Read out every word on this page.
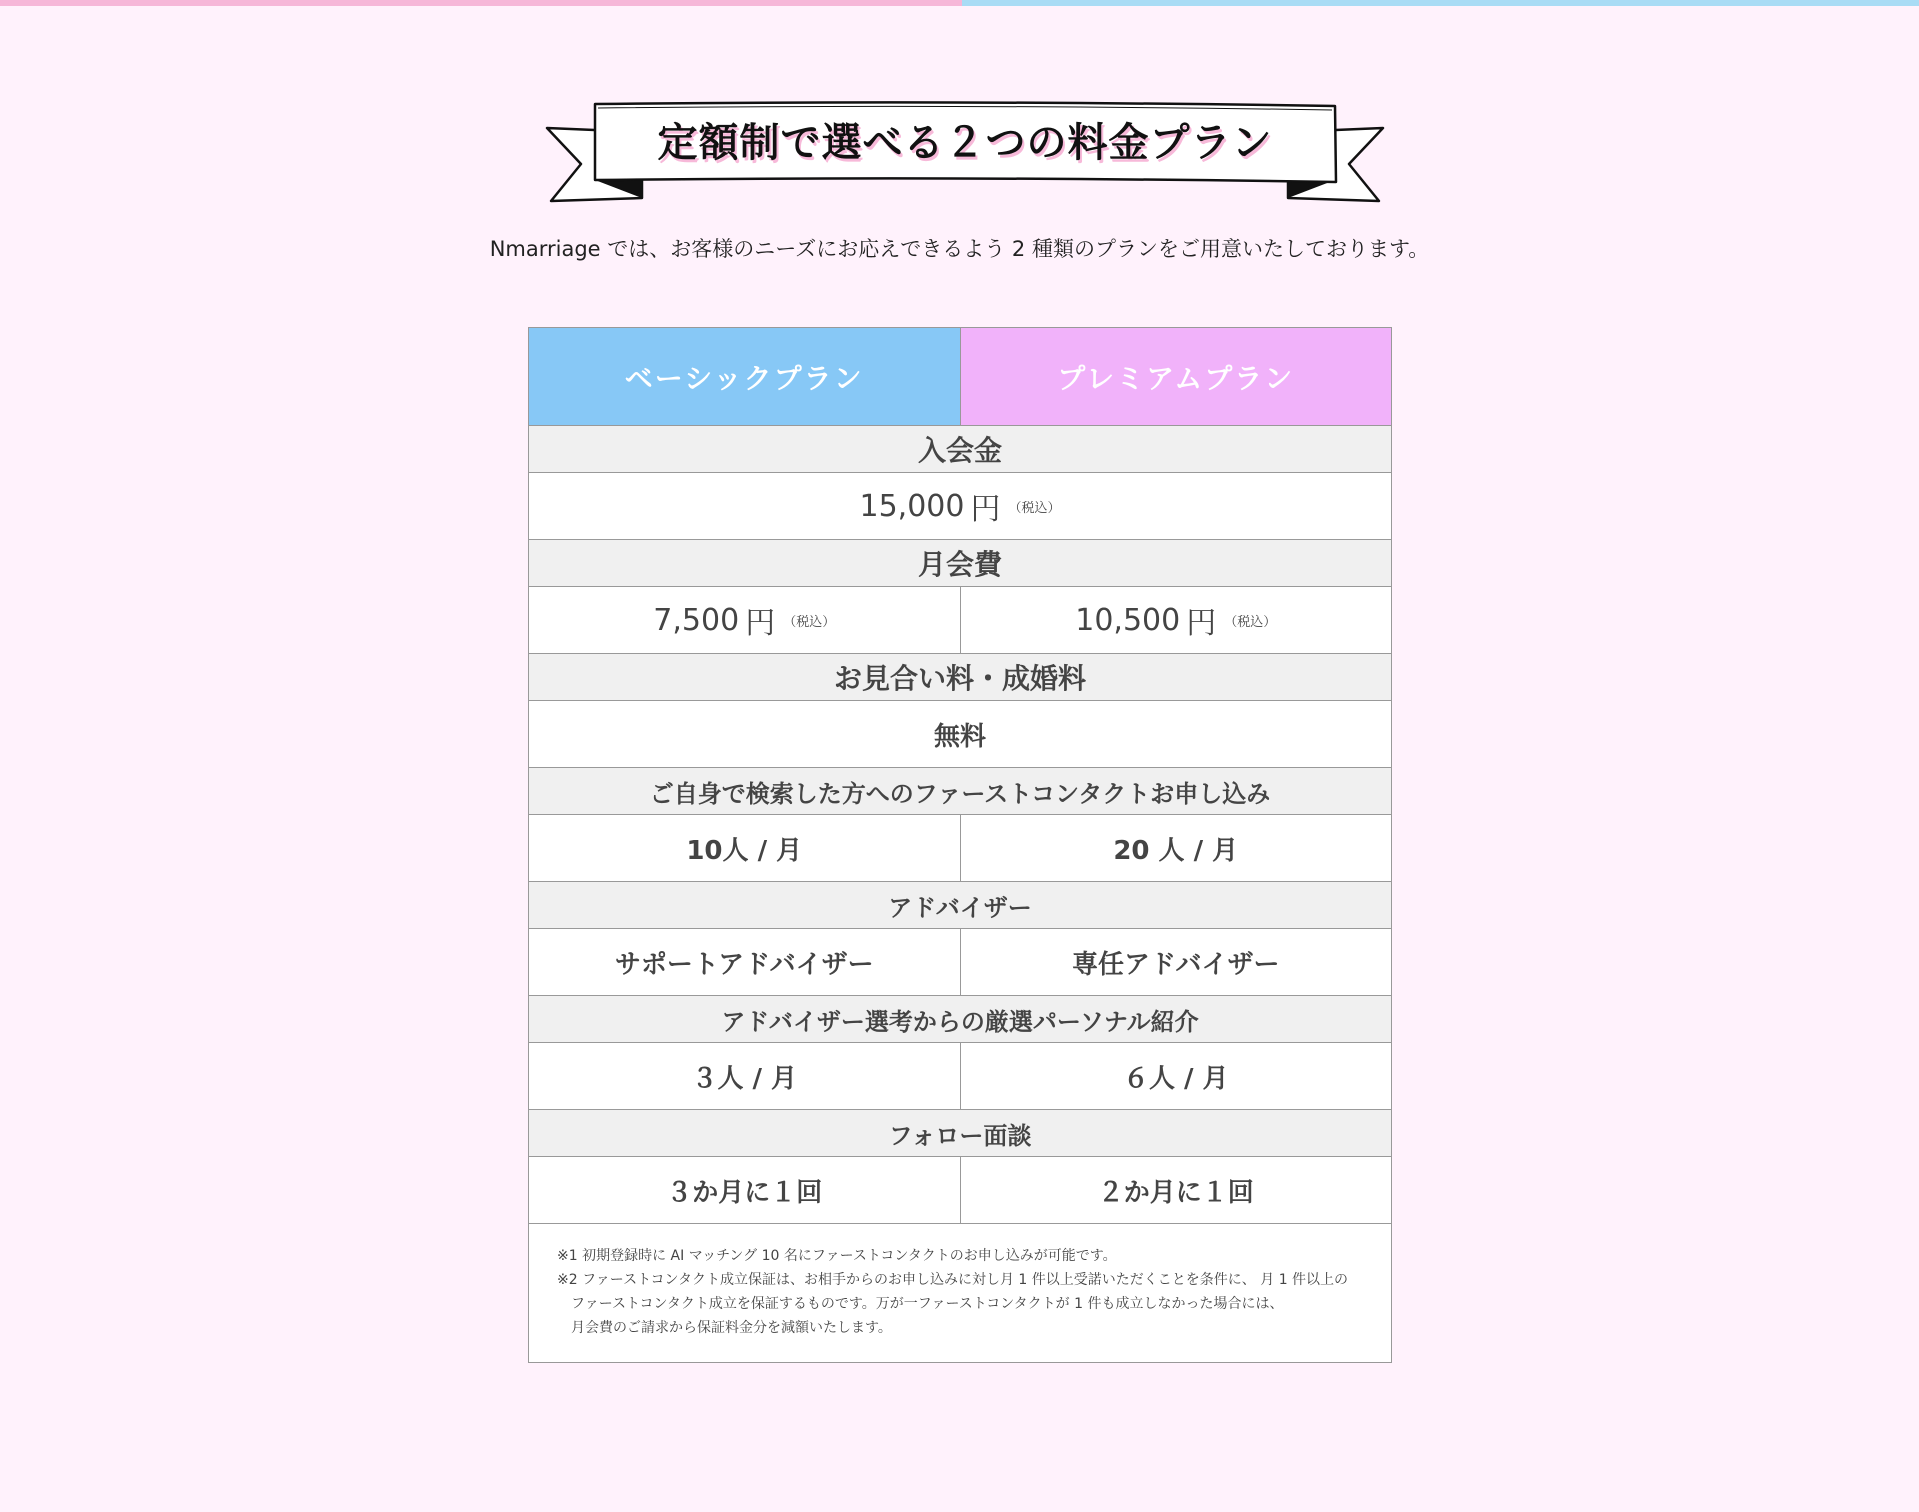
定額制で選べる２つの料金プラン
Nmarriage では、お客様のニーズにお応えできるよう 2 種類のプランをご用意いたしております。
ベーシックプラン	プレミアムプラン
入会金
15,000 円 （税込）
月会費
7,500 円 （税込）	10,500 円 （税込）
お見合い料・成婚料
無料
ご自身で検索した方へのファーストコンタクトお申し込み
10人 / 月	20 人 / 月
アドバイザー
サポートアドバイザー	専任アドバイザー
アドバイザー選考からの厳選パーソナル紹介
３人 / 月	６人 / 月
フォロー面談
３か月に１回	２か月に１回
※1 初期登録時に AI マッチング 10 名にファーストコンタクトのお申し込みが可能です。
※2 ファーストコンタクト成立保証は、お相手からのお申し込みに対し月 1 件以上受諾いただくことを条件に、 月 1 件以上の
ファーストコンタクト成立を保証するものです。万が一ファーストコンタクトが 1 件も成立しなかった場合には、
月会費のご請求から保証料金分を減額いたします。
